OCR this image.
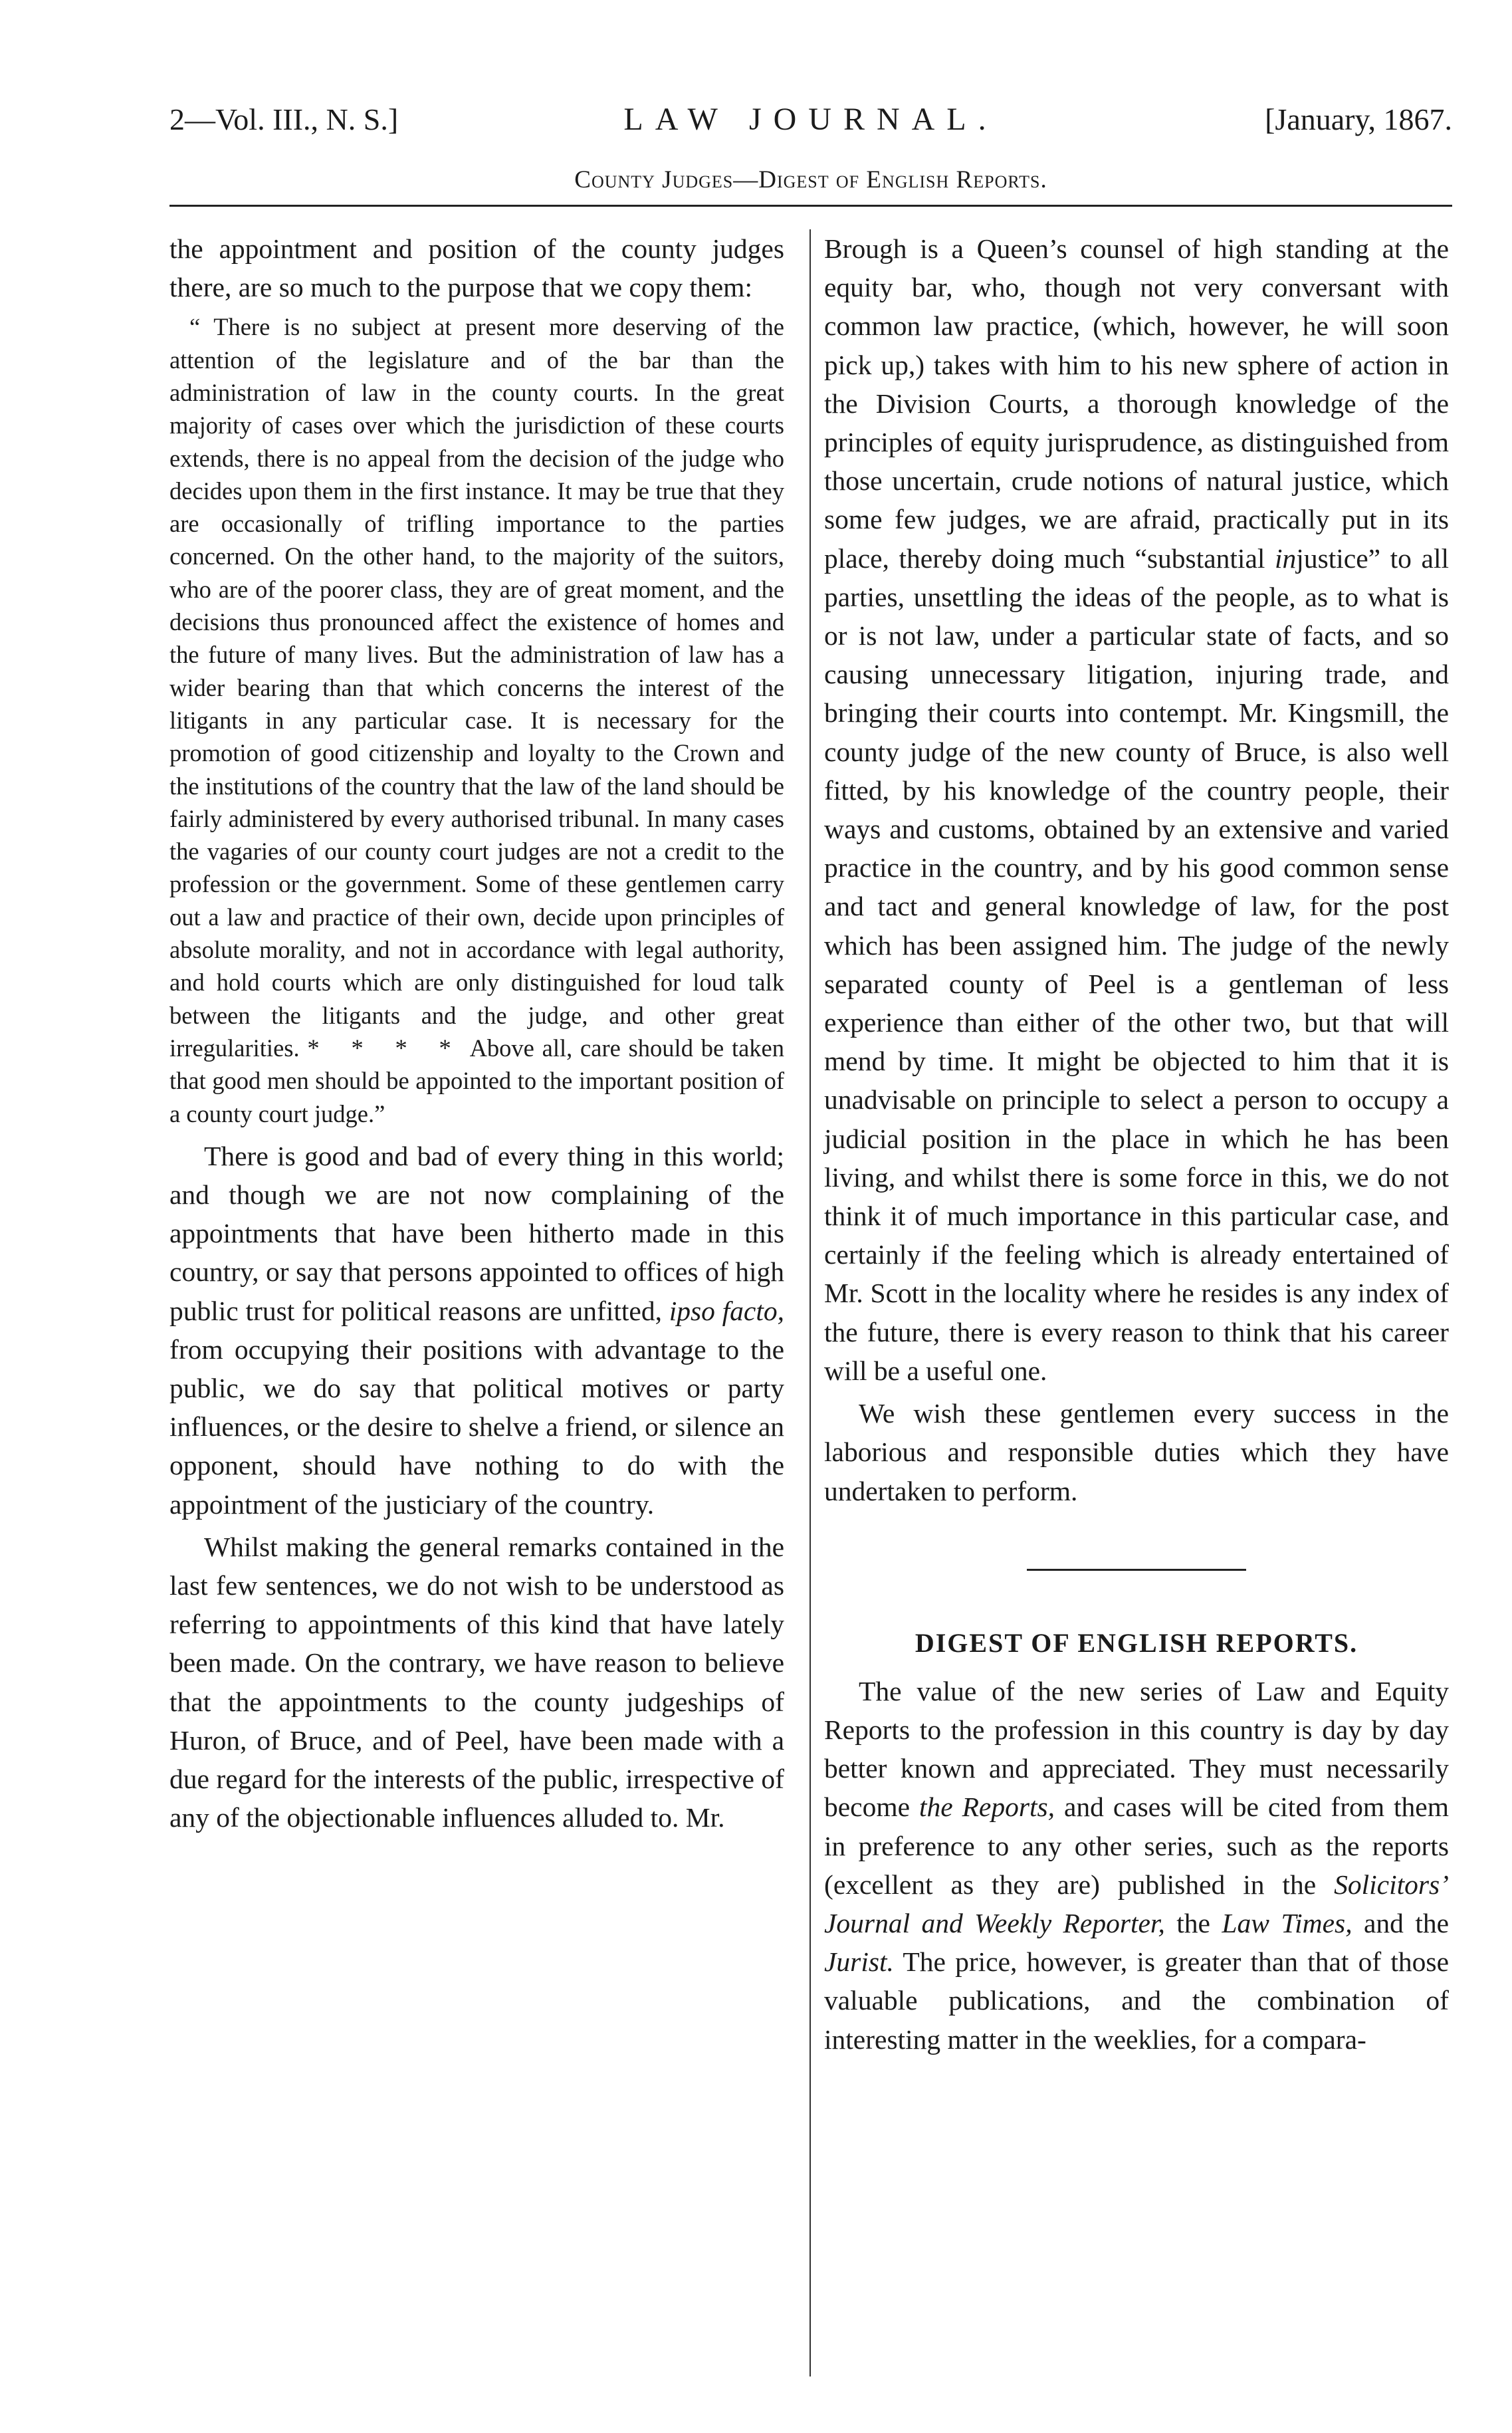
2—Vol. III., N. S.]	LAW JOURNAL.	[January, 1867.
County Judges—Digest of English Reports.

the appointment and position of the county judges there, are so much to the purpose that we copy them:

“ There is no subject at present more deserving of the attention of the legislature and of the bar than the administration of law in the county courts. In the great majority of cases over which the jurisdiction of these courts extends, there is no appeal from the decision of the judge who decides upon them in the first instance. It may be true that they are occasionally of trifling importance to the parties concerned. On the other hand, to the majority of the suitors, who are of the poorer class, they are of great moment, and the decisions thus pronounced affect the existence of homes and the future of many lives. But the administration of law has a wider bearing than that which concerns the interest of the litigants in any particular case. It is necessary for the promotion of good citizenship and loyalty to the Crown and the institutions of the country that the law of the land should be fairly administered by every authorised tribunal. In many cases the vagaries of our county court judges are not a credit to the profession or the government. Some of these gentlemen carry out a law and practice of their own, decide upon principles of absolute morality, and not in accordance with legal authority, and hold courts which are only distinguished for loud talk between the litigants and the judge, and other great irregularities. * * * * Above all, care should be taken that good men should be appointed to the important position of a county court judge.”

There is good and bad of every thing in this world; and though we are not now complaining of the appointments that have been hitherto made in this country, or say that persons appointed to offices of high public trust for political reasons are unfitted, ipso facto, from occupying their positions with advantage to the public, we do say that political motives or party influences, or the desire to shelve a friend, or silence an opponent, should have nothing to do with the appointment of the justiciary of the country.

Whilst making the general remarks contained in the last few sentences, we do not wish to be understood as referring to appointments of this kind that have lately been made. On the contrary, we have reason to believe that the appointments to the county judgeships of Huron, of Bruce, and of Peel, have been made with a due regard for the interests of the public, irrespective of any of the objectionable influences alluded to. Mr.

Brough is a Queen’s counsel of high standing at the equity bar, who, though not very conversant with common law practice, (which, however, he will soon pick up,) takes with him to his new sphere of action in the Division Courts, a thorough knowledge of the principles of equity jurisprudence, as distinguished from those uncertain, crude notions of natural justice, which some few judges, we are afraid, practically put in its place, thereby doing much “substantial injustice” to all parties, unsettling the ideas of the people, as to what is or is not law, under a particular state of facts, and so causing unnecessary litigation, injuring trade, and bringing their courts into contempt. Mr. Kingsmill, the county judge of the new county of Bruce, is also well fitted, by his knowledge of the country people, their ways and customs, obtained by an extensive and varied practice in the country, and by his good common sense and tact and general knowledge of law, for the post which has been assigned him. The judge of the newly separated county of Peel is a gentleman of less experience than either of the other two, but that will mend by time. It might be objected to him that it is unadvisable on principle to select a person to occupy a judicial position in the place in which he has been living, and whilst there is some force in this, we do not think it of much importance in this particular case, and certainly if the feeling which is already entertained of Mr. Scott in the locality where he resides is any index of the future, there is every reason to think that his career will be a useful one.

We wish these gentlemen every success in the laborious and responsible duties which they have undertaken to perform.

DIGEST OF ENGLISH REPORTS.

The value of the new series of Law and Equity Reports to the profession in this country is day by day better known and appreciated. They must necessarily become the Reports, and cases will be cited from them in preference to any other series, such as the reports (excellent as they are) published in the Solicitors’ Journal and Weekly Reporter, the Law Times, and the Jurist. The price, however, is greater than that of those valuable publications, and the combination of interesting matter in the weeklies, for a compara-
